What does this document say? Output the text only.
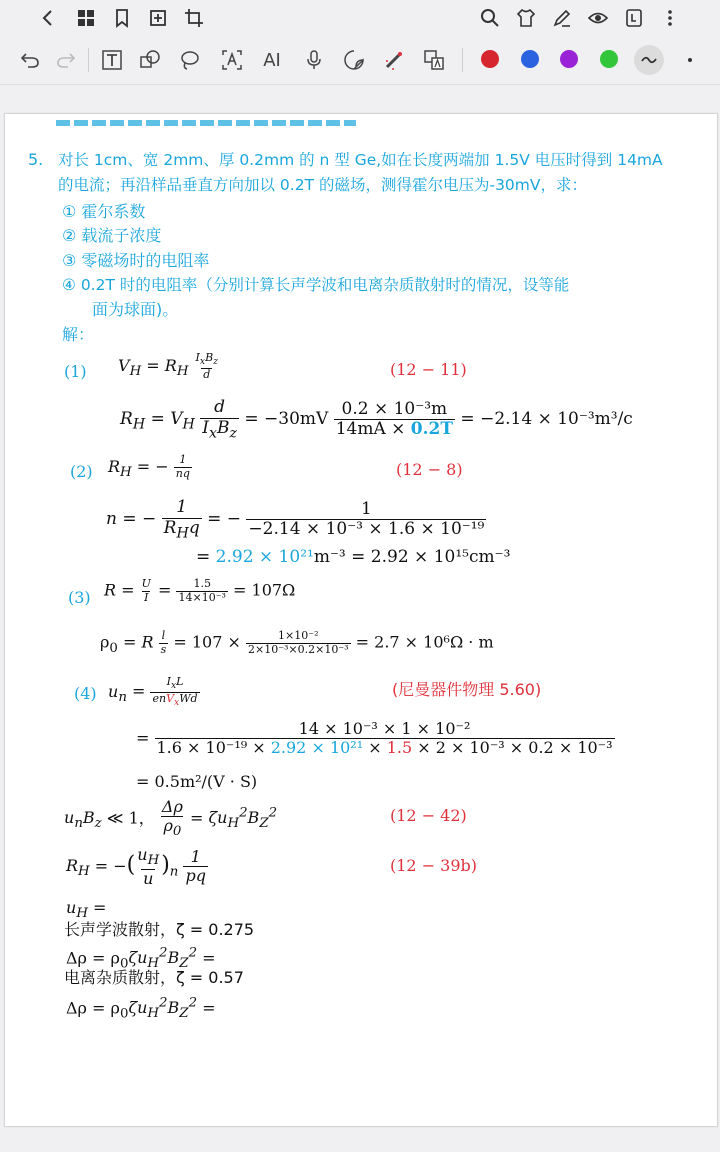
AI
5. 对长 1cm、宽 2mm、厚 0.2mm 的 n 型 Ge,如在长度两端加 1.5V 电压时得到 14mA
的电流；再沿样品垂直方向加以 0.2T 的磁场，测得霍尔电压为-30mV，求：
① 霍尔系数
② 载流子浓度
③ 零磁场时的电阻率
④ 0.2T 时的电阻率（分别计算长声学波和电离杂质散射时的情况，设等能
面为球面)。
解：
(1) $V_H = R_H \frac{I_xB_z}{d}$	(12 − 11)
$R_H = V_H \frac{d}{I_xB_z} = -30mV \frac{\text{0.2 × 10⁻³m}}{14mA \times 0.2T} = -2.14 \times 10^{-3}m^3/c$
(2) $R_H$ = − $\frac{1}{nq}$	(12 − 8)
n = − $\frac{1}{R_Hq}$ = − $\frac{1}{\text{−2.14 × 10⁻³ × 1.6 × 10⁻¹⁹}}$
= 2.92 × 10²¹m⁻³ = 2.92 × 10¹⁵cm⁻³
(3) $R = \frac{U}{I} = \frac{1.5}{\text{14×10⁻³}} = 107\Omega$
$\rho_0 = R \frac{l}{s} = 107 \times \frac{\text{1×10⁻²}}{\text{2×10⁻³×0.2×10⁻³}} = 2.7 \times 10^6\Omega \cdot m$
(4) $u_n = \frac{I_xL}{enV_xWd}$	(尼曼器件物理 5.60)
= $\frac{\text{14 × 10⁻³ × 1 × 10⁻²}}{\text{1.6 × 10⁻¹⁹ × 2.92 × 10²¹ × 1.5 × 2 × 10⁻³ × 0.2 × 10⁻³}}$
= 0.5m²/(V · S)
$u_nB_z$ ≪ 1， $\frac{\Delta\rho}{\rho_0} = \zeta u_H^2B_Z^2$	(12 − 42)
$R_H$ = −( $\frac{u_H}{u} )_n \frac{1}{pq}$	(12 − 39b)
$u_H$ =
长声学波散射，ζ = 0.275
$\Delta\rho = \rho_0\zeta u_H^2B_Z^2$ =
电离杂质散射，ζ = 0.57
$\Delta\rho = \rho_0\zeta u_H^2B_Z^2$ =
bilibili
